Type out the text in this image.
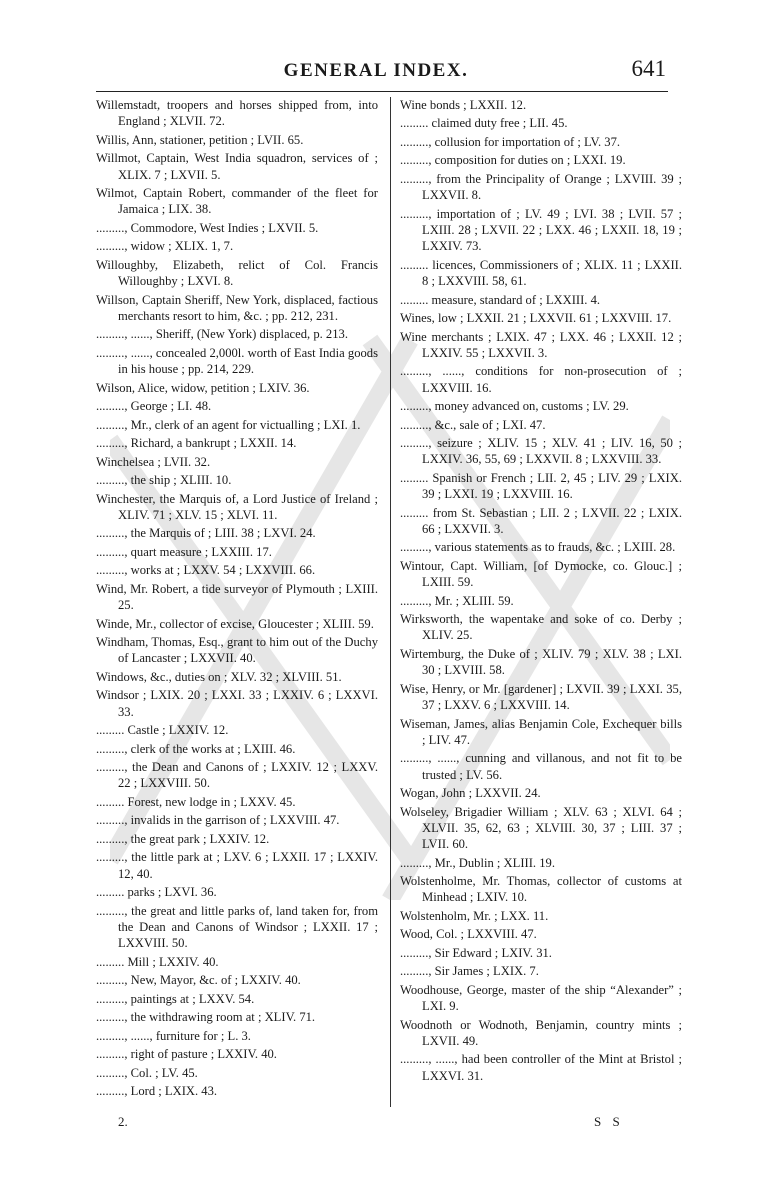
GENERAL INDEX.	641

Willemstadt, troopers and horses shipped from, into England ; XLVII. 72.

Willis, Ann, stationer, petition ; LVII. 65.

Willmot, Captain, West India squadron, services of ; XLIX. 7 ; LXVII. 5.

Wilmot, Captain Robert, commander of the fleet for Jamaica ; LIX. 38.

........., Commodore, West Indies ; LXVII. 5.

........., widow ; XLIX. 1, 7.

Willoughby, Elizabeth, relict of Col. Francis Willoughby ; LXVI. 8.

Willson, Captain Sheriff, New York, displaced, factious merchants resort to him, &c. ; pp. 212, 231.

........., ......, Sheriff, (New York) displaced, p. 213.

........., ......, concealed 2,000l. worth of East India goods in his house ; pp. 214, 229.

Wilson, Alice, widow, petition ; LXIV. 36.

........., George ; LI. 48.

........., Mr., clerk of an agent for victualling ; LXI. 1.

........., Richard, a bankrupt ; LXXII. 14.

Winchelsea ; LVII. 32.

........., the ship ; XLIII. 10.

Winchester, the Marquis of, a Lord Justice of Ireland ; XLIV. 71 ; XLV. 15 ; XLVI. 11.

........., the Marquis of ; LIII. 38 ; LXVI. 24.

........., quart measure ; LXXIII. 17.

........., works at ; LXXV. 54 ; LXXVIII. 66.

Wind, Mr. Robert, a tide surveyor of Plymouth ; LXIII. 25.

Winde, Mr., collector of excise, Gloucester ; XLIII. 59.

Windham, Thomas, Esq., grant to him out of the Duchy of Lancaster ; LXXVII. 40.

Windows, &c., duties on ; XLV. 32 ; XLVIII. 51.

Windsor ; LXIX. 20 ; LXXI. 33 ; LXXIV. 6 ; LXXVI. 33.

......... Castle ; LXXIV. 12.

........., clerk of the works at ; LXIII. 46.

........., the Dean and Canons of ; LXXIV. 12 ; LXXV. 22 ; LXXVIII. 50.

......... Forest, new lodge in ; LXXV. 45.

........., invalids in the garrison of ; LXXVIII. 47.

........., the great park ; LXXIV. 12.

........., the little park at ; LXV. 6 ; LXXII. 17 ; LXXIV. 12, 40.

......... parks ; LXVI. 36.

........., the great and little parks of, land taken for, from the Dean and Canons of Windsor ; LXXII. 17 ; LXXVIII. 50.

......... Mill ; LXXIV. 40.

........., New, Mayor, &c. of ; LXXIV. 40.

........., paintings at ; LXXV. 54.

........., the withdrawing room at ; XLIV. 71.

........., ......, furniture for ; L. 3.

........., right of pasture ; LXXIV. 40.

........., Col. ; LV. 45.

........., Lord ; LXIX. 43.

Wine bonds ; LXXII. 12.

......... claimed duty free ; LII. 45.

........., collusion for importation of ; LV. 37.

........., composition for duties on ; LXXI. 19.

........., from the Principality of Orange ; LXVIII. 39 ; LXXVII. 8.

........., importation of ; LV. 49 ; LVI. 38 ; LVII. 57 ; LXIII. 28 ; LXVII. 22 ; LXX. 46 ; LXXII. 18, 19 ; LXXIV. 73.

......... licences, Commissioners of ; XLIX. 11 ; LXXII. 8 ; LXXVIII. 58, 61.

......... measure, standard of ; LXXIII. 4.

Wines, low ; LXXII. 21 ; LXXVII. 61 ; LXXVIII. 17.

Wine merchants ; LXIX. 47 ; LXX. 46 ; LXXII. 12 ; LXXIV. 55 ; LXXVII. 3.

........., ......, conditions for non-prosecution of ; LXXVIII. 16.

........., money advanced on, customs ; LV. 29.

........., &c., sale of ; LXI. 47.

........., seizure ; XLIV. 15 ; XLV. 41 ; LIV. 16, 50 ; LXXIV. 36, 55, 69 ; LXXVII. 8 ; LXXVIII. 33.

......... Spanish or French ; LII. 2, 45 ; LIV. 29 ; LXIX. 39 ; LXXI. 19 ; LXXVIII. 16.

......... from St. Sebastian ; LII. 2 ; LXVII. 22 ; LXIX. 66 ; LXXVII. 3.

........., various statements as to frauds, &c. ; LXIII. 28.

Wintour, Capt. William, [of Dymocke, co. Glouc.] ; LXIII. 59.

........., Mr. ; XLIII. 59.

Wirksworth, the wapentake and soke of co. Derby ; XLIV. 25.

Wirtemburg, the Duke of ; XLIV. 79 ; XLV. 38 ; LXI. 30 ; LXVIII. 58.

Wise, Henry, or Mr. [gardener] ; LXVII. 39 ; LXXI. 35, 37 ; LXXV. 6 ; LXXVIII. 14.

Wiseman, James, alias Benjamin Cole, Exchequer bills ; LIV. 47.

........., ......, cunning and villanous, and not fit to be trusted ; LV. 56.

Wogan, John ; LXXVII. 24.

Wolseley, Brigadier William ; XLV. 63 ; XLVI. 64 ; XLVII. 35, 62, 63 ; XLVIII. 30, 37 ; LIII. 37 ; LVII. 60.

........., Mr., Dublin ; XLIII. 19.

Wolstenholme, Mr. Thomas, collector of customs at Minhead ; LXIV. 10.

Wolstenholm, Mr. ; LXX. 11.

Wood, Col. ; LXXVIII. 47.

........., Sir Edward ; LXIV. 31.

........., Sir James ; LXIX. 7.

Woodhouse, George, master of the ship “Alexander” ; LXI. 9.

Woodnoth or Wodnoth, Benjamin, country mints ; LXVII. 49.

........., ......, had been controller of the Mint at Bristol ; LXXVI. 31.

2.	S S
